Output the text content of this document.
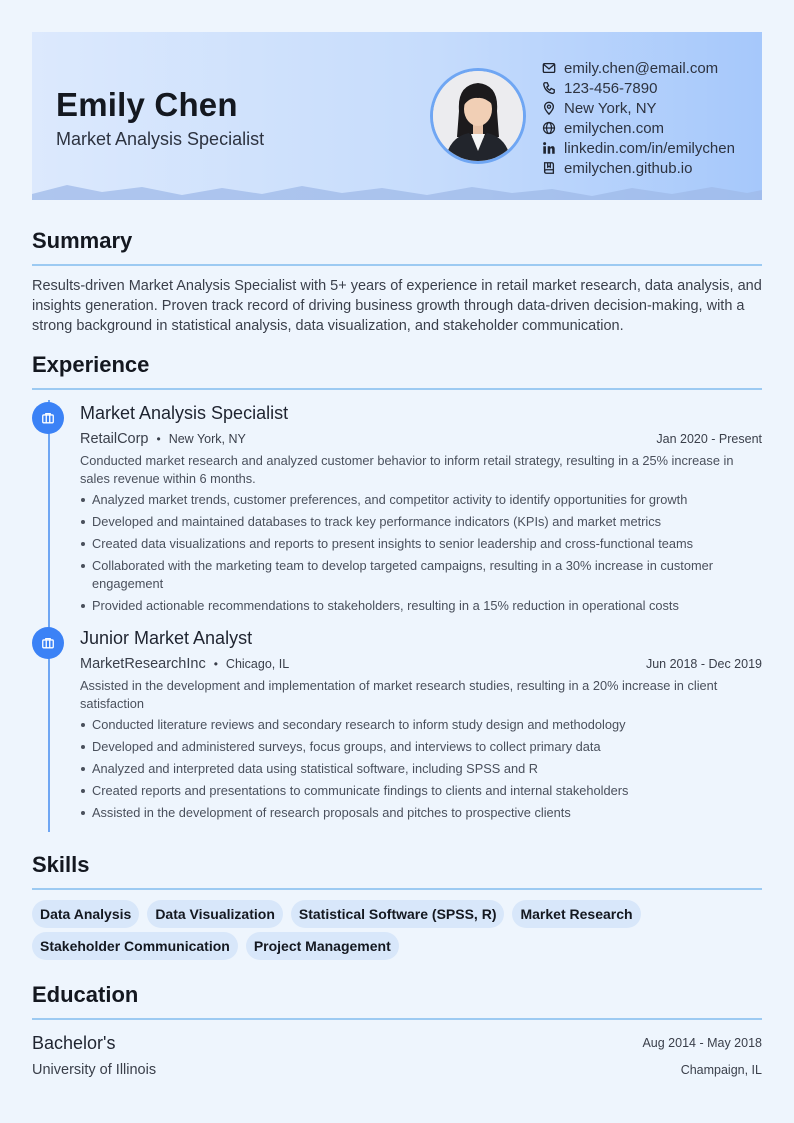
Emily Chen
Market Analysis Specialist
emily.chen@email.com
123-456-7890
New York, NY
emilychen.com
linkedin.com/in/emilychen
emilychen.github.io
Summary
Results-driven Market Analysis Specialist with 5+ years of experience in retail market research, data analysis, and insights generation. Proven track record of driving business growth through data-driven decision-making, with a strong background in statistical analysis, data visualization, and stakeholder communication.
Experience
Market Analysis Specialist
RetailCorp • New York, NY	Jan 2020 - Present
Conducted market research and analyzed customer behavior to inform retail strategy, resulting in a 25% increase in sales revenue within 6 months.
Analyzed market trends, customer preferences, and competitor activity to identify opportunities for growth
Developed and maintained databases to track key performance indicators (KPIs) and market metrics
Created data visualizations and reports to present insights to senior leadership and cross-functional teams
Collaborated with the marketing team to develop targeted campaigns, resulting in a 30% increase in customer engagement
Provided actionable recommendations to stakeholders, resulting in a 15% reduction in operational costs
Junior Market Analyst
MarketResearchInc • Chicago, IL	Jun 2018 - Dec 2019
Assisted in the development and implementation of market research studies, resulting in a 20% increase in client satisfaction
Conducted literature reviews and secondary research to inform study design and methodology
Developed and administered surveys, focus groups, and interviews to collect primary data
Analyzed and interpreted data using statistical software, including SPSS and R
Created reports and presentations to communicate findings to clients and internal stakeholders
Assisted in the development of research proposals and pitches to prospective clients
Skills
Data Analysis	Data Visualization	Statistical Software (SPSS, R)	Market Research
Stakeholder Communication	Project Management
Education
Bachelor's	Aug 2014 - May 2018
University of Illinois	Champaign, IL
